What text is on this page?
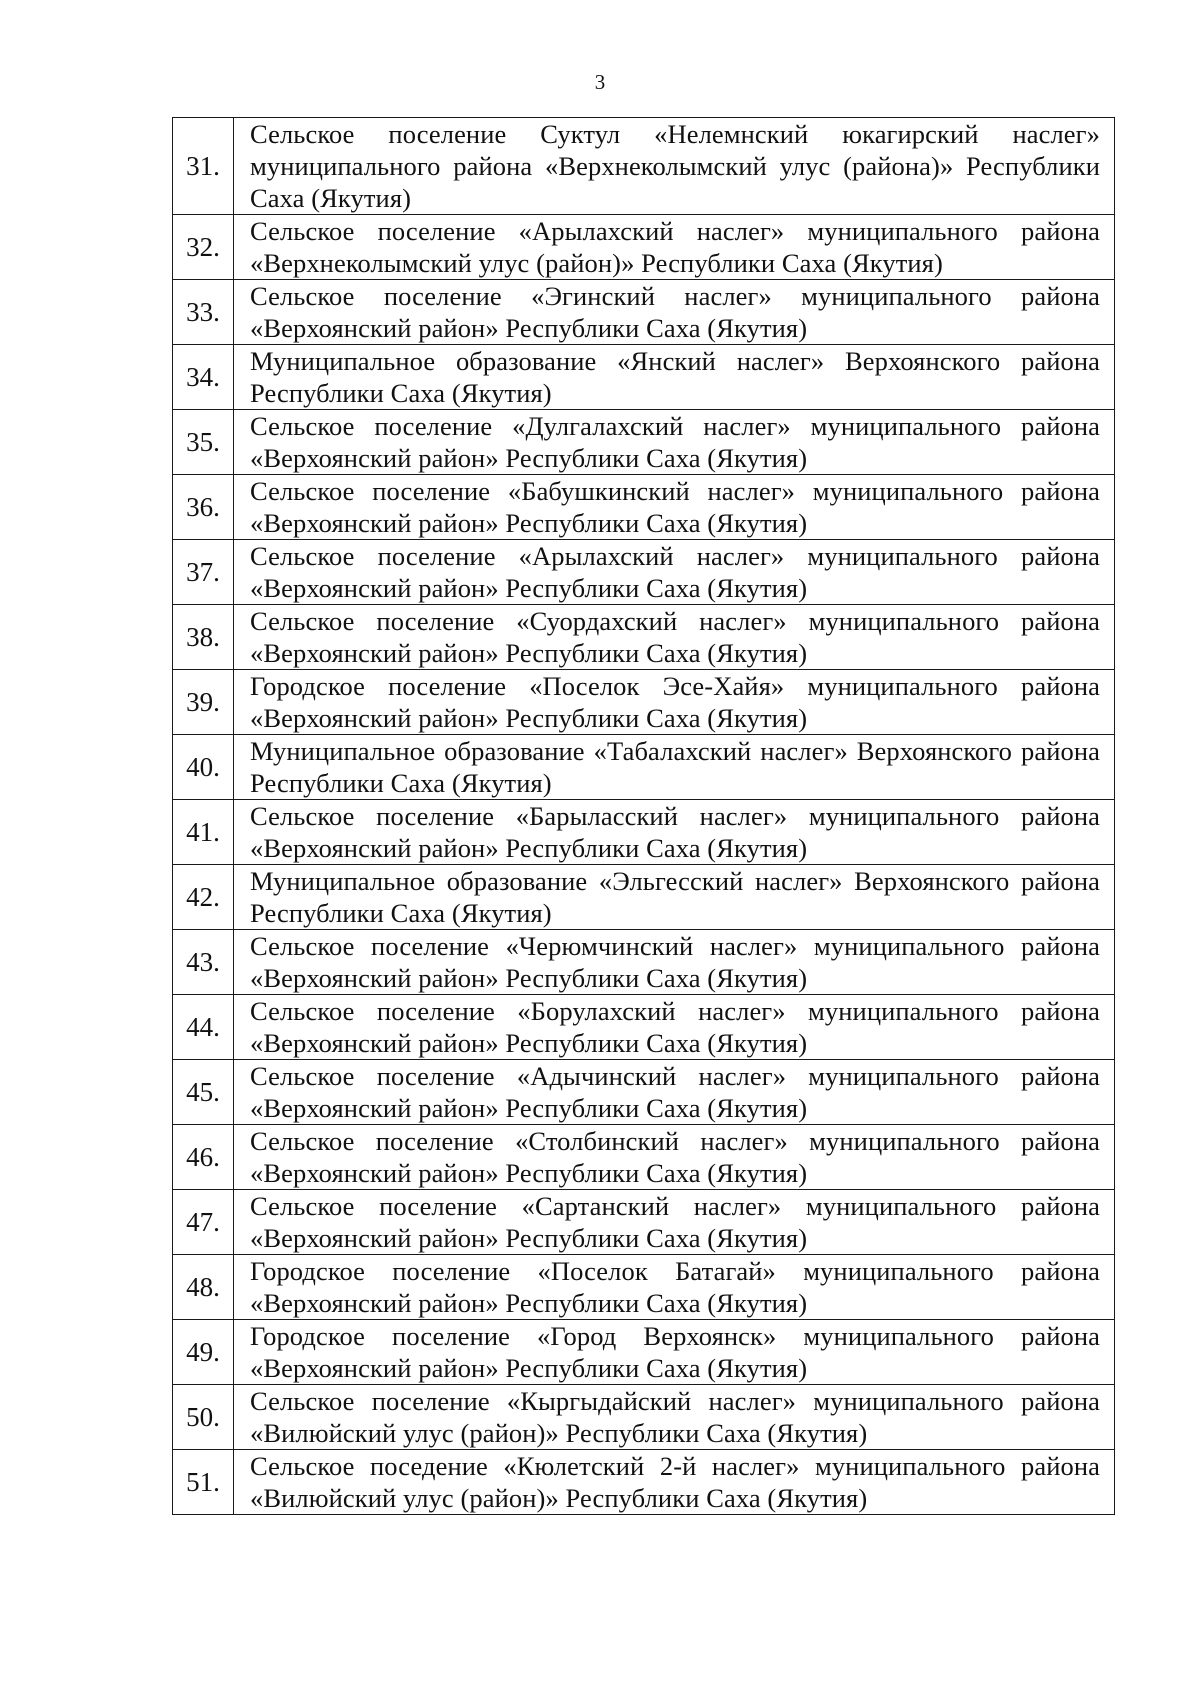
3
31.	Сельское поселение Суктул «Нелемнский юкагирский наслег» муниципального района «Верхнеколымский улус (района)» Республики Саха (Якутия)
32.	Сельское поселение «Арылахский наслег» муниципального района «Верхнеколымский улус (район)» Республики Саха (Якутия)
33.	Сельское поселение «Эгинский наслег» муниципального района «Верхоянский район» Республики Саха (Якутия)
34.	Муниципальное образование «Янский наслег» Верхоянского района Республики Саха (Якутия)
35.	Сельское поселение «Дулгалахский наслег» муниципального района «Верхоянский район» Республики Саха (Якутия)
36.	Сельское поселение «Бабушкинский наслег» муниципального района «Верхоянский район» Республики Саха (Якутия)
37.	Сельское поселение «Арылахский наслег» муниципального района «Верхоянский район» Республики Саха (Якутия)
38.	Сельское поселение «Суордахский наслег» муниципального района «Верхоянский район» Республики Саха (Якутия)
39.	Городское поселение «Поселок Эсе-Хайя» муниципального района «Верхоянский район» Республики Саха (Якутия)
40.	Муниципальное образование «Табалахский наслег» Верхоянского района Республики Саха (Якутия)
41.	Сельское поселение «Барыласский наслег» муниципального района «Верхоянский район» Республики Саха (Якутия)
42.	Муниципальное образование «Эльгесский наслег» Верхоянского района Республики Саха (Якутия)
43.	Сельское поселение «Черюмчинский наслег» муниципального района «Верхоянский район» Республики Саха (Якутия)
44.	Сельское поселение «Борулахский наслег» муниципального района «Верхоянский район» Республики Саха (Якутия)
45.	Сельское поселение «Адычинский наслег» муниципального района «Верхоянский район» Республики Саха (Якутия)
46.	Сельское поселение «Столбинский наслег» муниципального района «Верхоянский район» Республики Саха (Якутия)
47.	Сельское поселение «Сартанский наслег» муниципального района «Верхоянский район» Республики Саха (Якутия)
48.	Городское поселение «Поселок Батагай» муниципального района «Верхоянский район» Республики Саха (Якутия)
49.	Городское поселение «Город Верхоянск» муниципального района «Верхоянский район» Республики Саха (Якутия)
50.	Сельское поселение «Кыргыдайский наслег» муниципального района «Вилюйский улус (район)» Республики Саха (Якутия)
51.	Сельское поседение «Кюлетский 2-й наслег» муниципального района «Вилюйский улус (район)» Республики Саха (Якутия)
